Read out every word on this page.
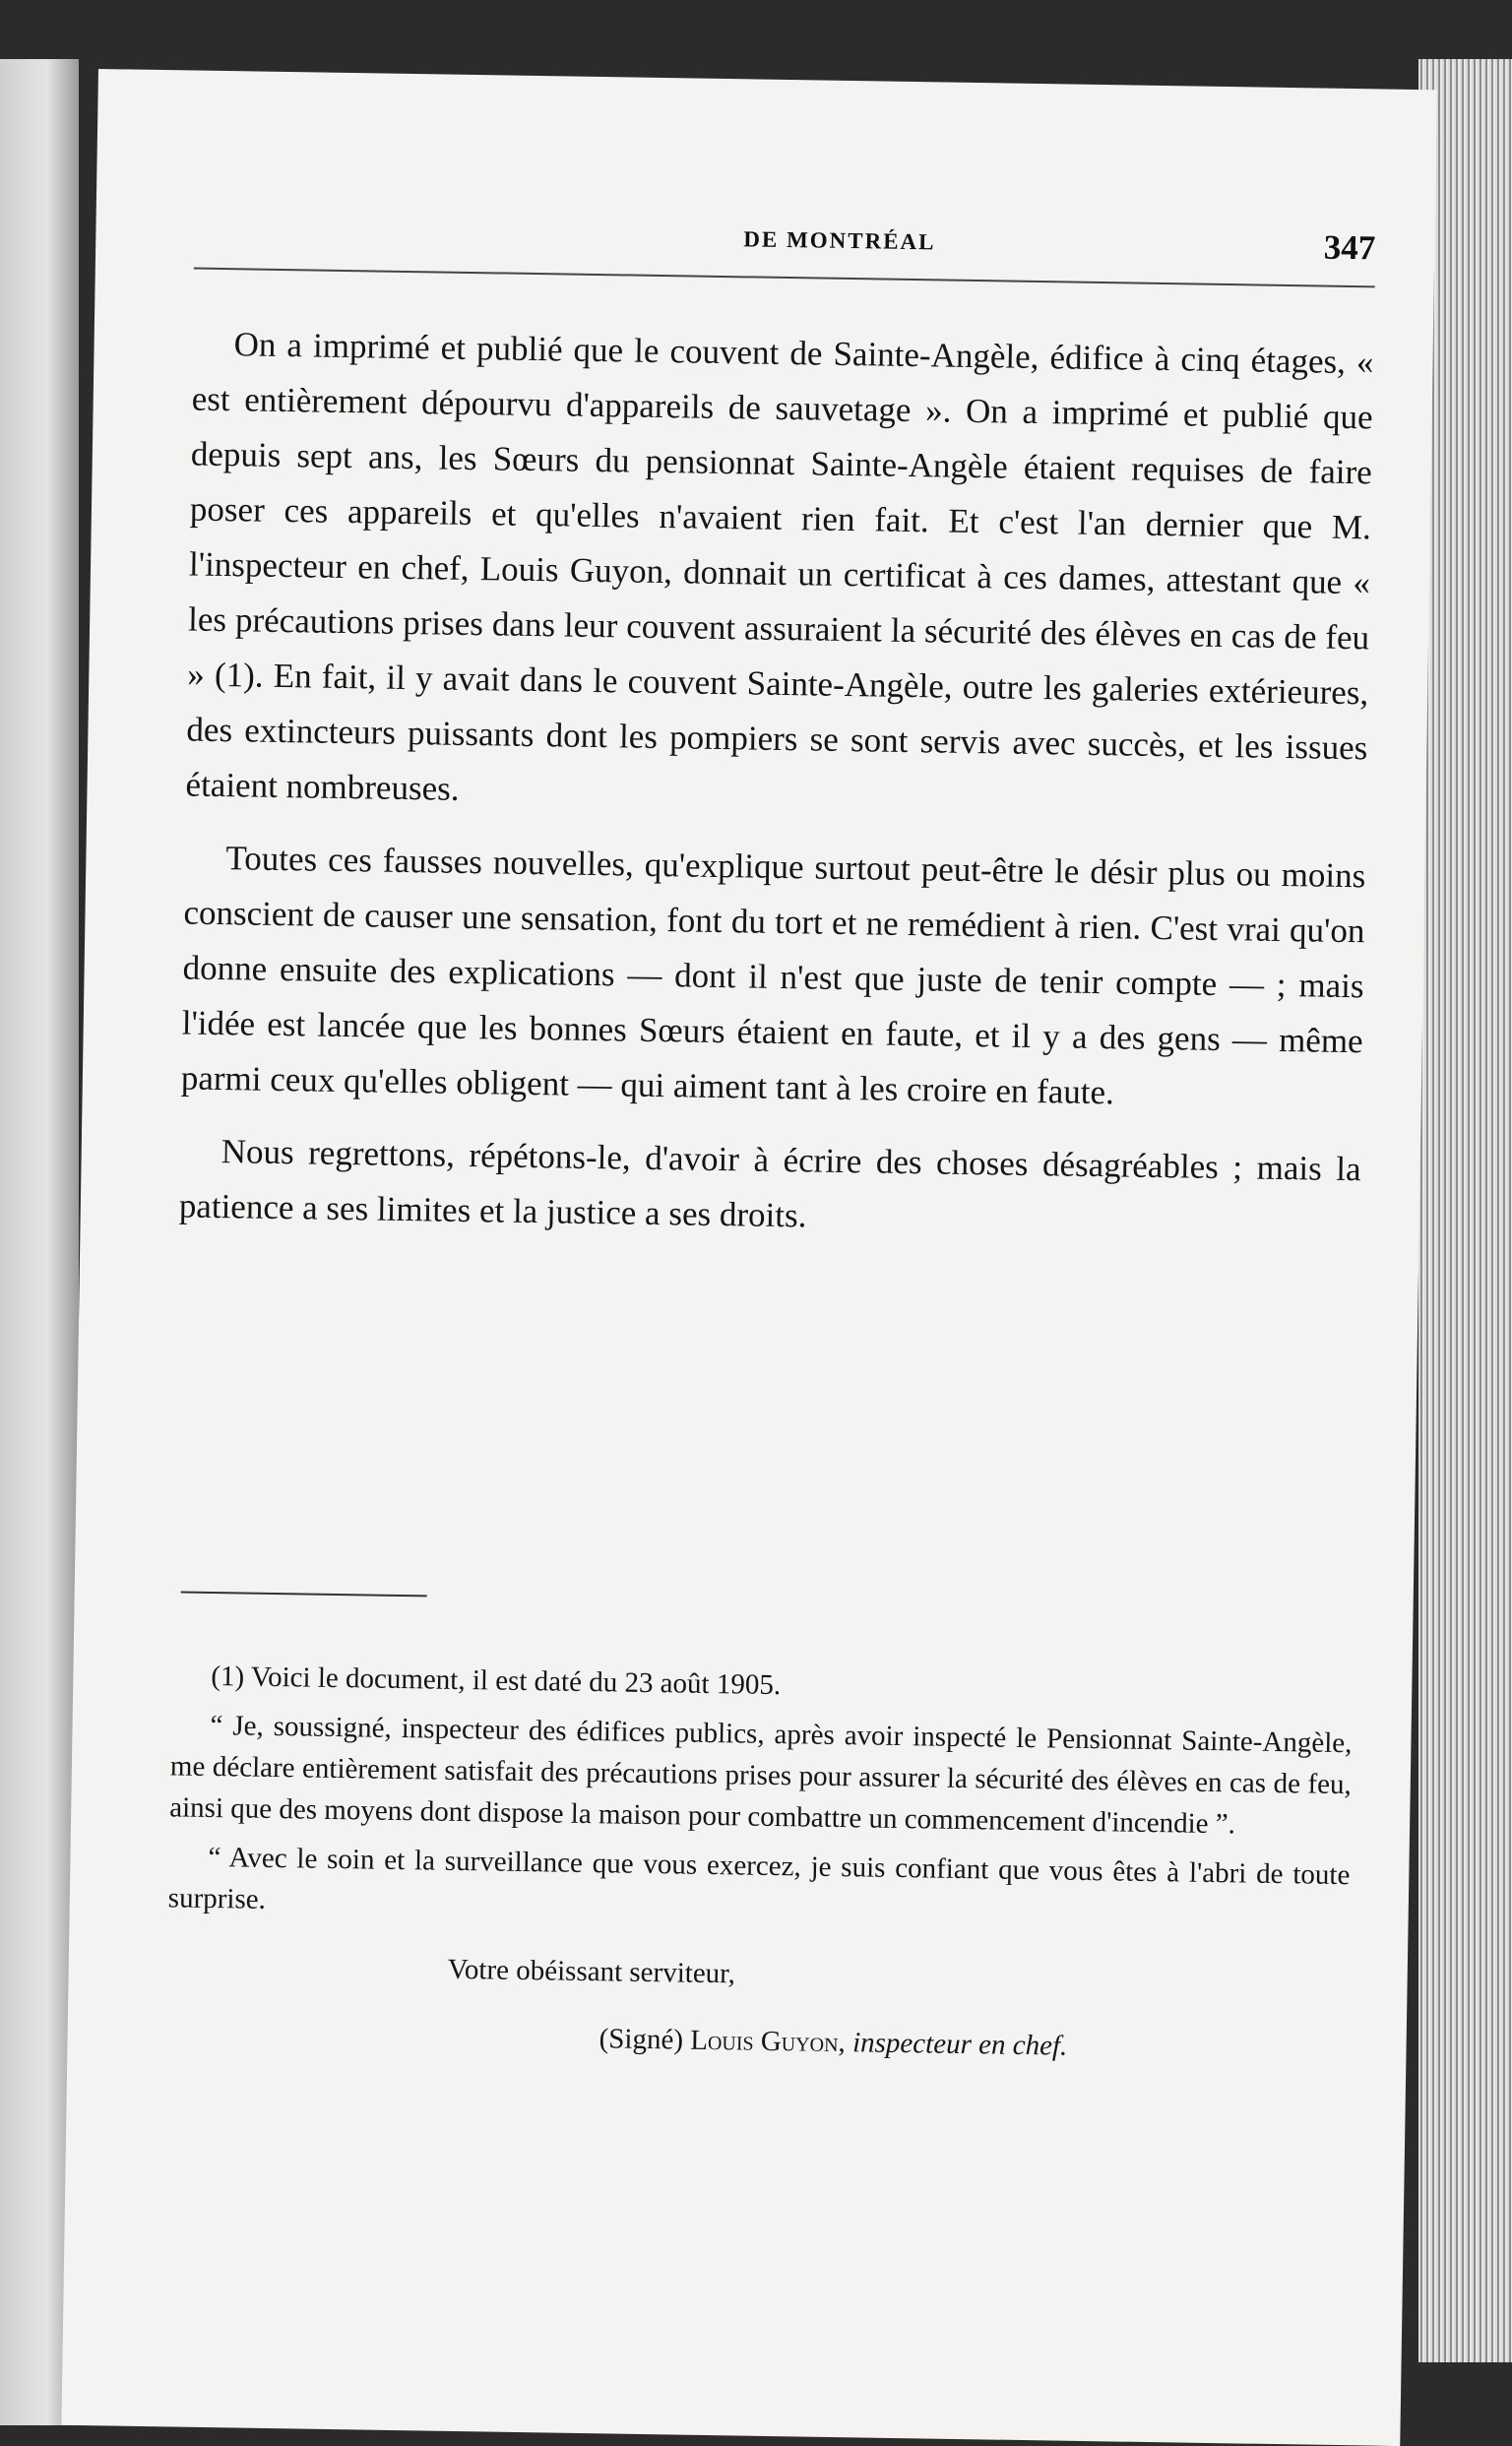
DE MONTRÉAL	347

On a imprimé et publié que le couvent de Sainte-Angèle, édifice à cinq étages, « est entièrement dépourvu d'appareils de sauvetage ». On a imprimé et publié que depuis sept ans, les Sœurs du pensionnat Sainte-Angèle étaient requises de faire poser ces appareils et qu'elles n'avaient rien fait. Et c'est l'an dernier que M. l'inspecteur en chef, Louis Guyon, donnait un certificat à ces dames, attestant que « les précautions prises dans leur couvent assuraient la sécurité des élèves en cas de feu » (1). En fait, il y avait dans le couvent Sainte-Angèle, outre les galeries extérieures, des extincteurs puissants dont les pompiers se sont servis avec succès, et les issues étaient nombreuses.

Toutes ces fausses nouvelles, qu'explique surtout peut-être le désir plus ou moins conscient de causer une sensation, font du tort et ne remédient à rien. C'est vrai qu'on donne ensuite des explications — dont il n'est que juste de tenir compte — ; mais l'idée est lancée que les bonnes Sœurs étaient en faute, et il y a des gens — même parmi ceux qu'elles obligent — qui aiment tant à les croire en faute.

Nous regrettons, répétons-le, d'avoir à écrire des choses désagréables ; mais la patience a ses limites et la justice a ses droits.

(1) Voici le document, il est daté du 23 août 1905.

“ Je, soussigné, inspecteur des édifices publics, après avoir inspecté le Pensionnat Sainte-Angèle, me déclare entièrement satisfait des précautions prises pour assurer la sécurité des élèves en cas de feu, ainsi que des moyens dont dispose la maison pour combattre un commencement d'incendie ”.

“ Avec le soin et la surveillance que vous exercez, je suis confiant que vous êtes à l'abri de toute surprise.

Votre obéissant serviteur,

(Signé) Louis Guyon, inspecteur en chef.
